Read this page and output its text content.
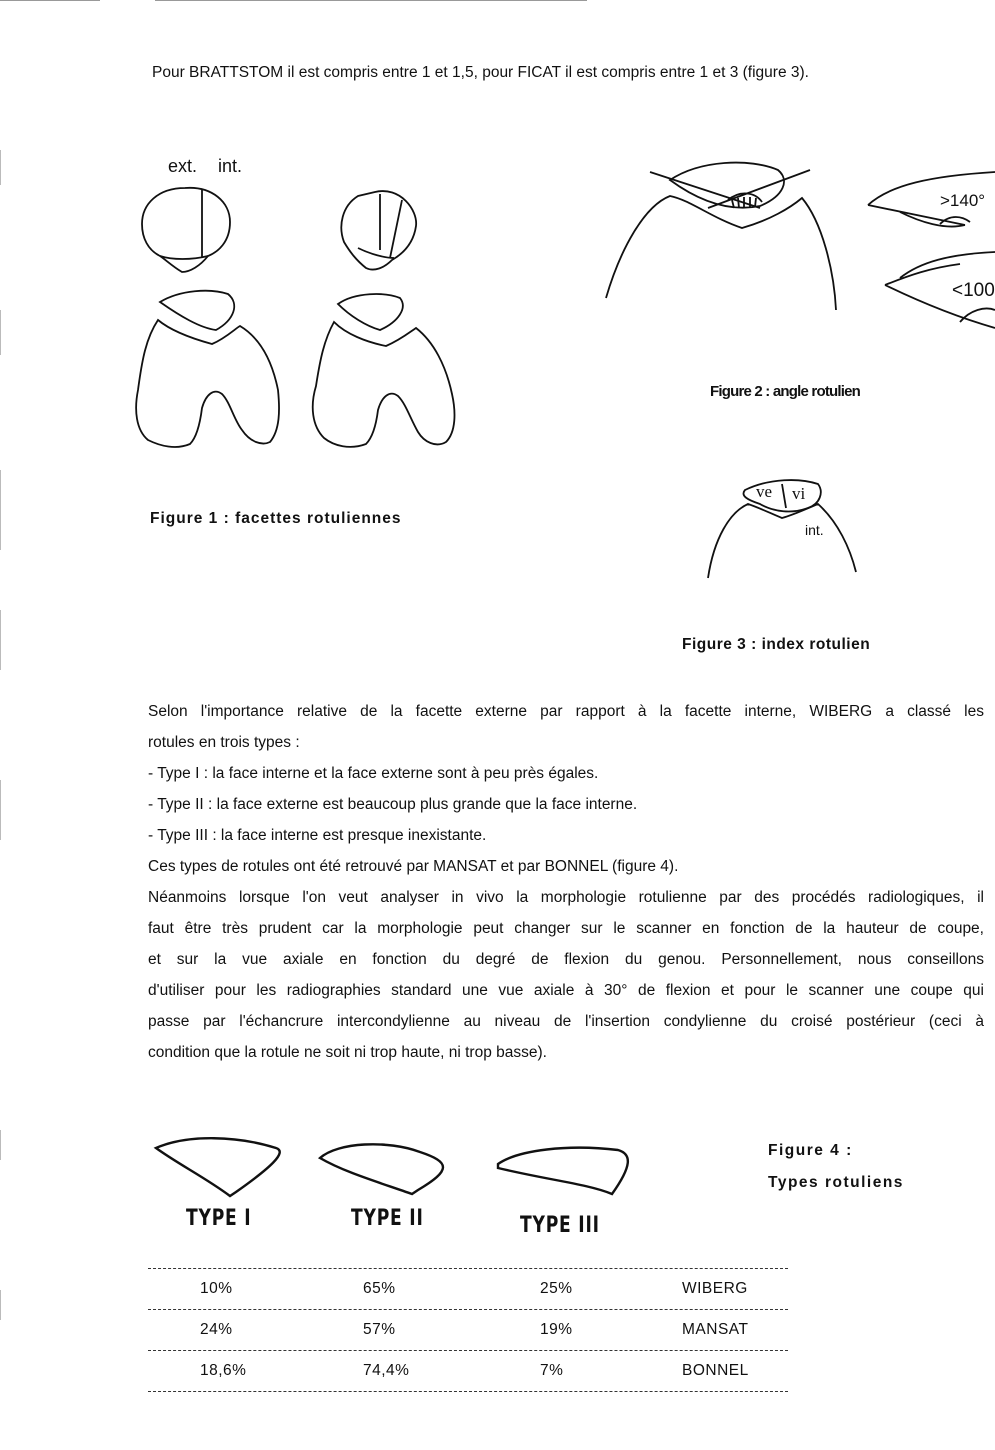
Pour BRATTSTOM il est compris entre 1 et 1,5, pour FICAT il est compris entre 1 et 3 (figure 3).
ext. int.
Figure 1 : facettes rotuliennes
>140°
<100
Figure 2 : angle rotulien
ve vi
int.
Figure 3 : index rotulien

Selon l'importance relative de la facette externe par rapport à la facette interne, WIBERG a classé les

rotules en trois types :

- Type I : la face interne et la face externe sont à peu près égales.

- Type II : la face externe est beaucoup plus grande que la face interne.

- Type III : la face interne est presque inexistante.

Ces types de rotules ont été retrouvé par MANSAT et par BONNEL (figure 4).

Néanmoins lorsque l'on veut analyser in vivo la morphologie rotulienne par des procédés radiologiques, il

faut être très prudent car la morphologie peut changer sur le scanner en fonction de la hauteur de coupe,

et sur la vue axiale en fonction du degré de flexion du genou. Personnellement, nous conseillons

d'utiliser pour les radiographies standard une vue axiale à 30° de flexion et pour le scanner une coupe qui

passe par l'échancrure intercondylienne au niveau de l'insertion condylienne du croisé postérieur (ceci à

condition que la rotule ne soit ni trop haute, ni trop basse).

TYPE I	TYPE II	TYPE III
Figure 4 :
Types rotuliens
10%	65%	25%	WIBERG
24%	57%	19%	MANSAT
18,6%	74,4%	7%	BONNEL
